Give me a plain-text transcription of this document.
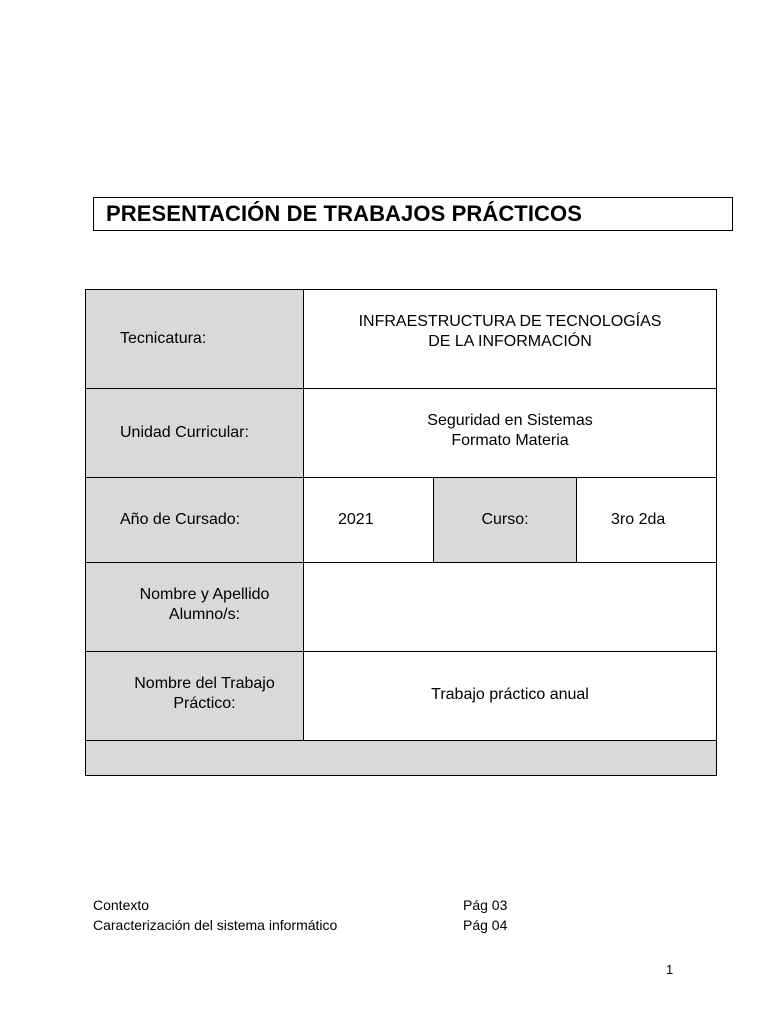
PRESENTACIÓN DE TRABAJOS PRÁCTICOS
Tecnicatura:	INFRAESTRUCTURA DE TECNOLOGÍAS
DE LA INFORMACIÓN		

Unidad Curricular:	Seguridad en Sistemas
Formato Materia		

Año de Cursado:	2021	Curso:	3ro 2da

Nombre y Apellido
Alumno/s:			

Nombre del Trabajo
Práctico:	Trabajo práctico anual		

Contexto	Pág 03
Caracterización del sistema informático	Pág 04
1
